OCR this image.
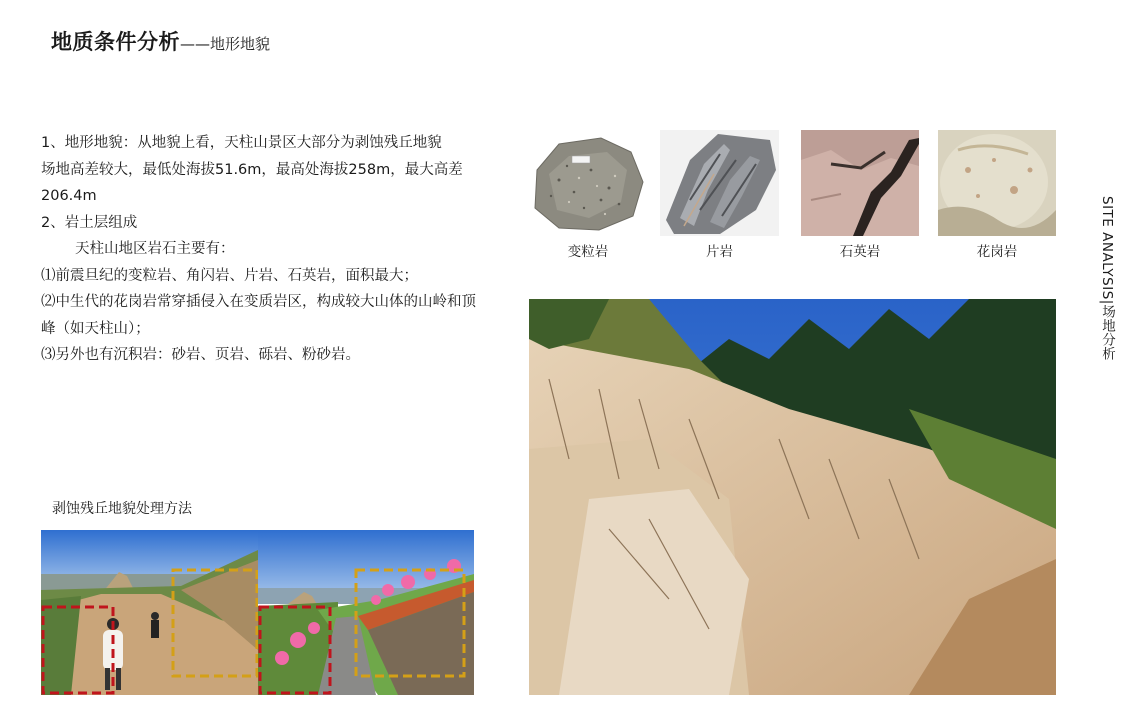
地质条件分析——地形地貌

1、地形地貌：从地貌上看，天柱山景区大部分为剥蚀残丘地貌

场地高差较大，最低处海拔51.6m，最高处海拔258m，最大高差206.4m

2、岩土层组成

天柱山地区岩石主要有：

⑴前震旦纪的变粒岩、角闪岩、片岩、石英岩，面积最大；

⑵中生代的花岗岩常穿插侵入在变质岩区，构成较大山体的山岭和顶峰（如天柱山）；

⑶另外也有沉积岩：砂岩、页岩、砾岩、粉砂岩。

变粒岩	片岩	石英岩	花岗岩	SITE ANALYSIS|场地分析
剥蚀残丘地貌处理方法
